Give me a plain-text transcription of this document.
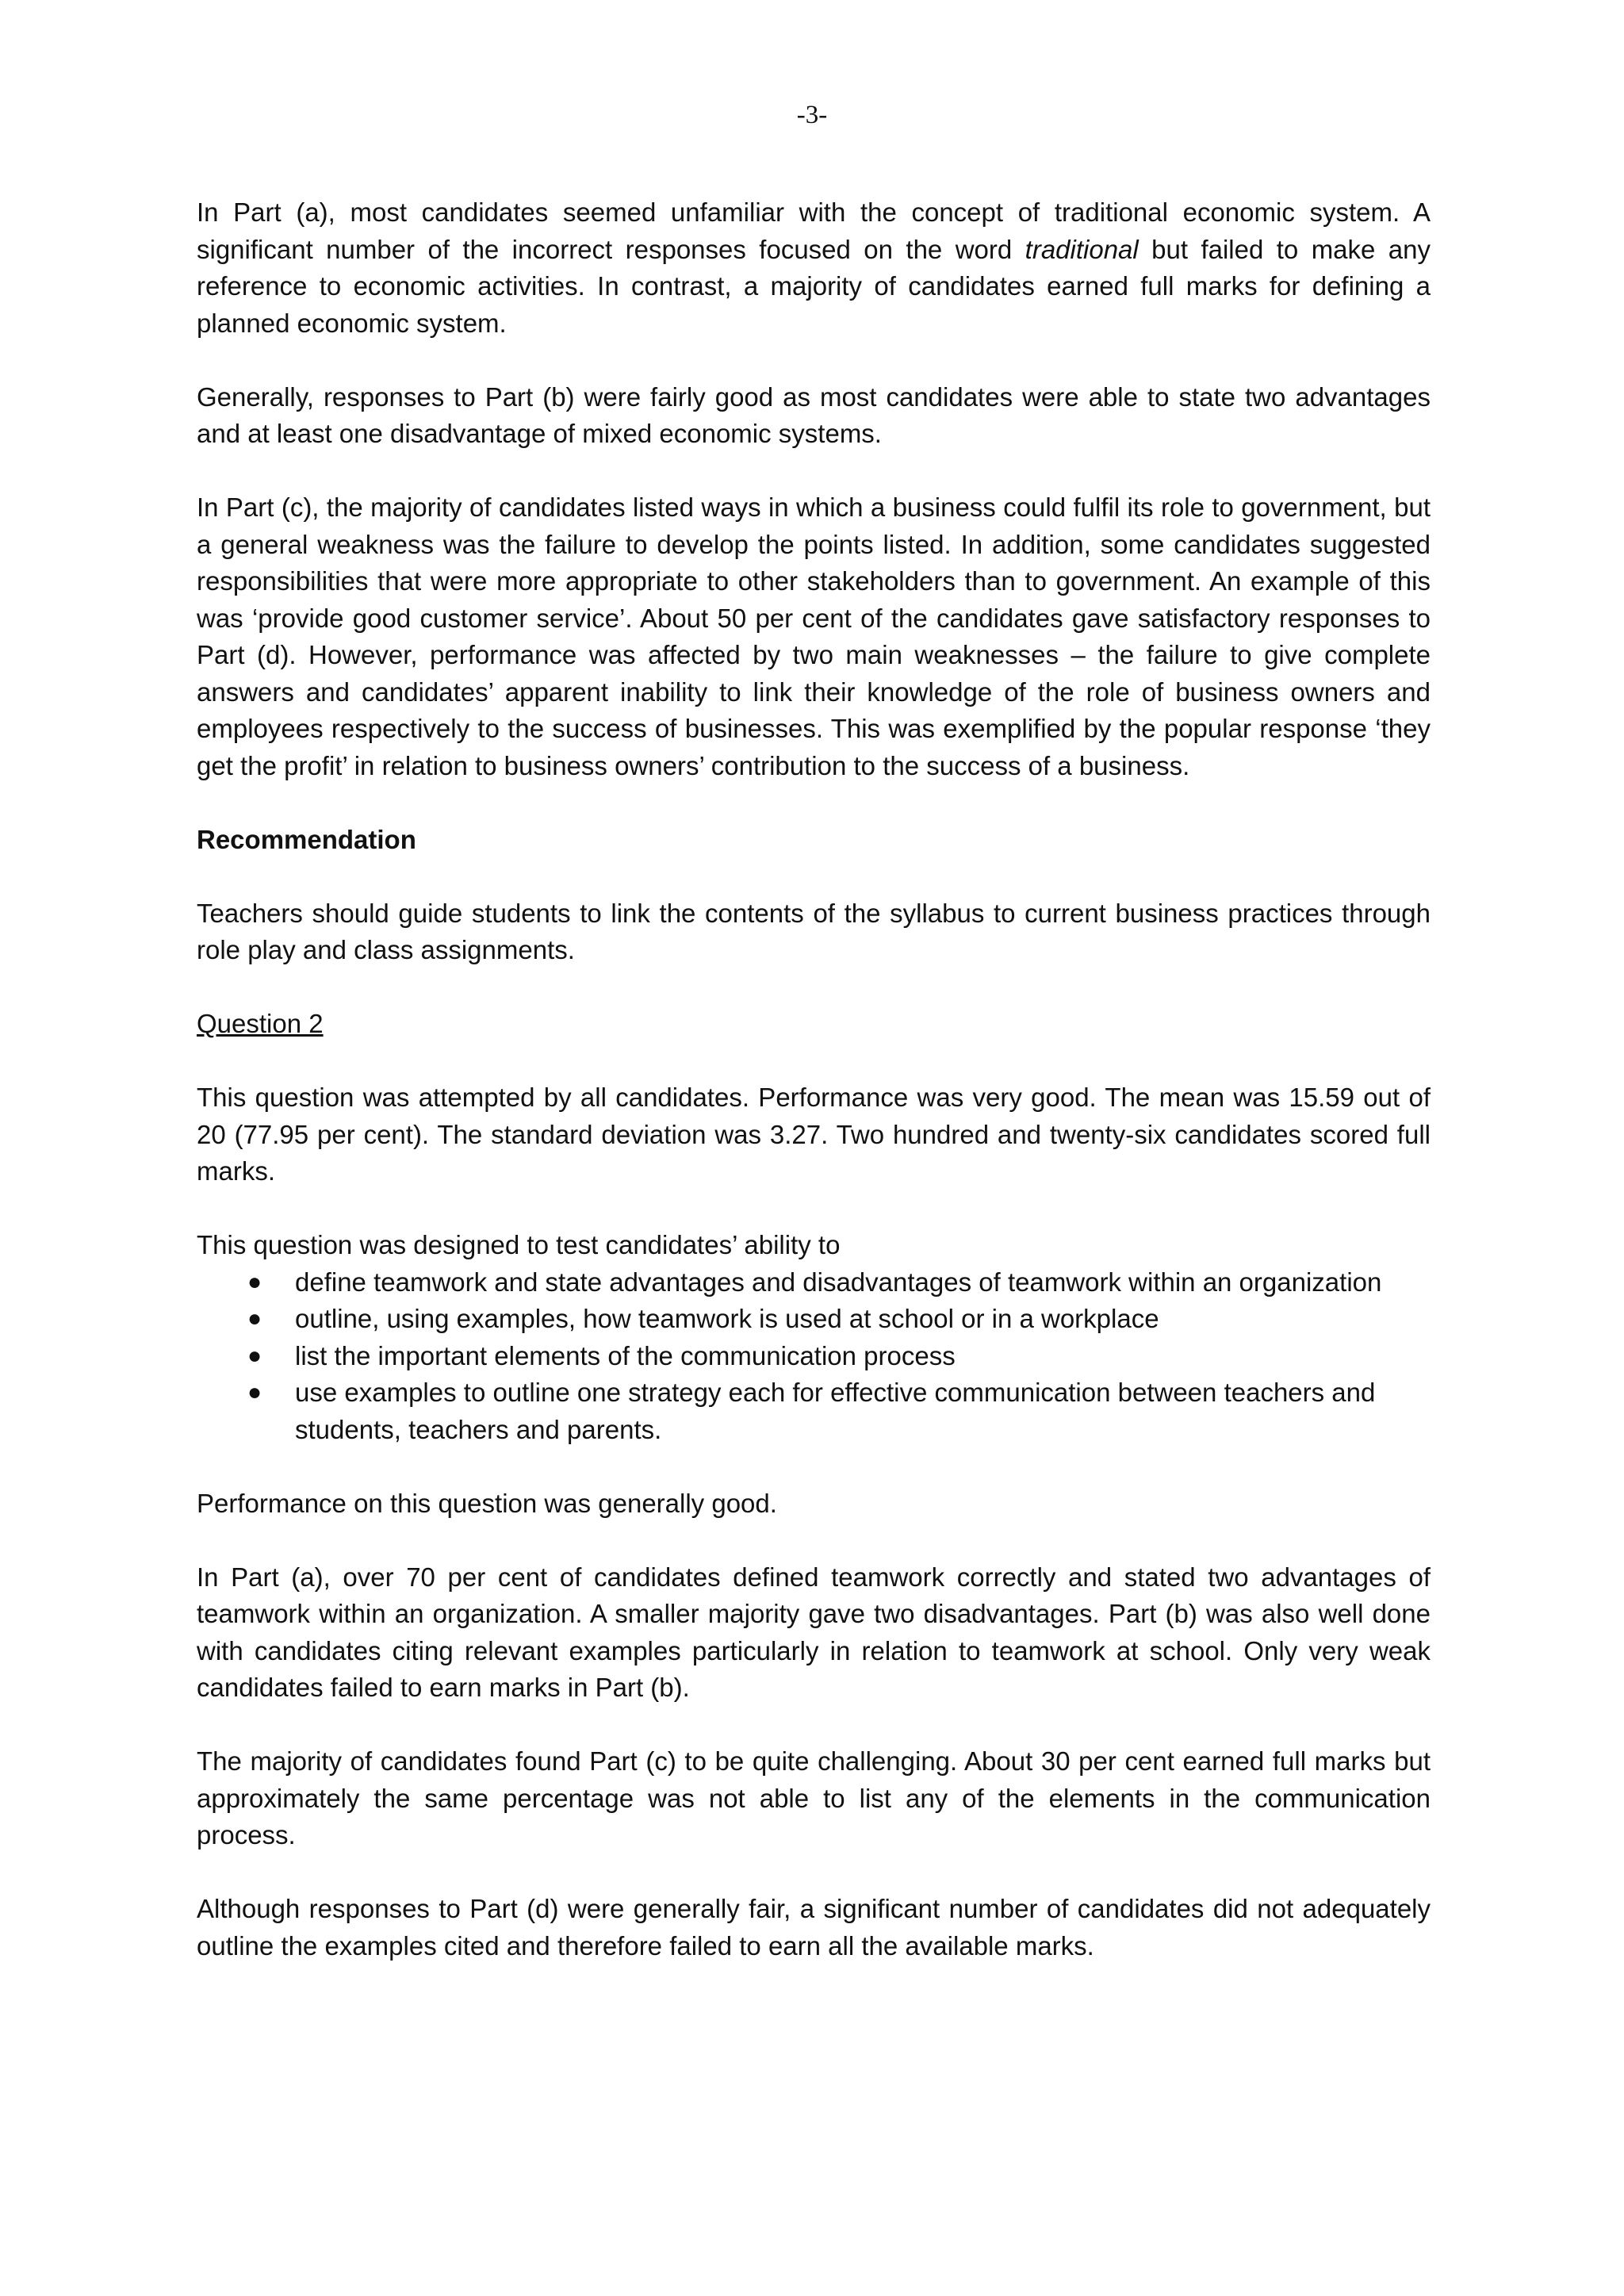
-3-

In Part (a), most candidates seemed unfamiliar with the concept of traditional economic system. A significant number of the incorrect responses focused on the word traditional but failed to make any reference to economic activities. In contrast, a majority of candidates earned full marks for defining a planned economic system.

Generally, responses to Part (b) were fairly good as most candidates were able to state two advantages and at least one disadvantage of mixed economic systems.

In Part (c), the majority of candidates listed ways in which a business could fulfil its role to government, but a general weakness was the failure to develop the points listed. In addition, some candidates suggested responsibilities that were more appropriate to other stakeholders than to government. An example of this was ‘provide good customer service’. About 50 per cent of the candidates gave satisfactory responses to Part (d). However, performance was affected by two main weaknesses – the failure to give complete answers and candidates’ apparent inability to link their knowledge of the role of business owners and employees respectively to the success of businesses. This was exemplified by the popular response ‘they get the profit’ in relation to business owners’ contribution to the success of a business.

Recommendation

Teachers should guide students to link the contents of the syllabus to current business practices through role play and class assignments.

Question 2

This question was attempted by all candidates. Performance was very good. The mean was 15.59 out of 20 (77.95 per cent). The standard deviation was 3.27. Two hundred and twenty-six candidates scored full marks.

This question was designed to test candidates’ ability to

● define teamwork and state advantages and disadvantages of teamwork within an organization
● outline, using examples, how teamwork is used at school or in a workplace
● list the important elements of the communication process
● use examples to outline one strategy each for effective communication between teachers and students, teachers and parents.

Performance on this question was generally good.

In Part (a), over 70 per cent of candidates defined teamwork correctly and stated two advantages of teamwork within an organization. A smaller majority gave two disadvantages. Part (b) was also well done with candidates citing relevant examples particularly in relation to teamwork at school. Only very weak candidates failed to earn marks in Part (b).

The majority of candidates found Part (c) to be quite challenging. About 30 per cent earned full marks but approximately the same percentage was not able to list any of the elements in the communication process.

Although responses to Part (d) were generally fair, a significant number of candidates did not adequately outline the examples cited and therefore failed to earn all the available marks.
